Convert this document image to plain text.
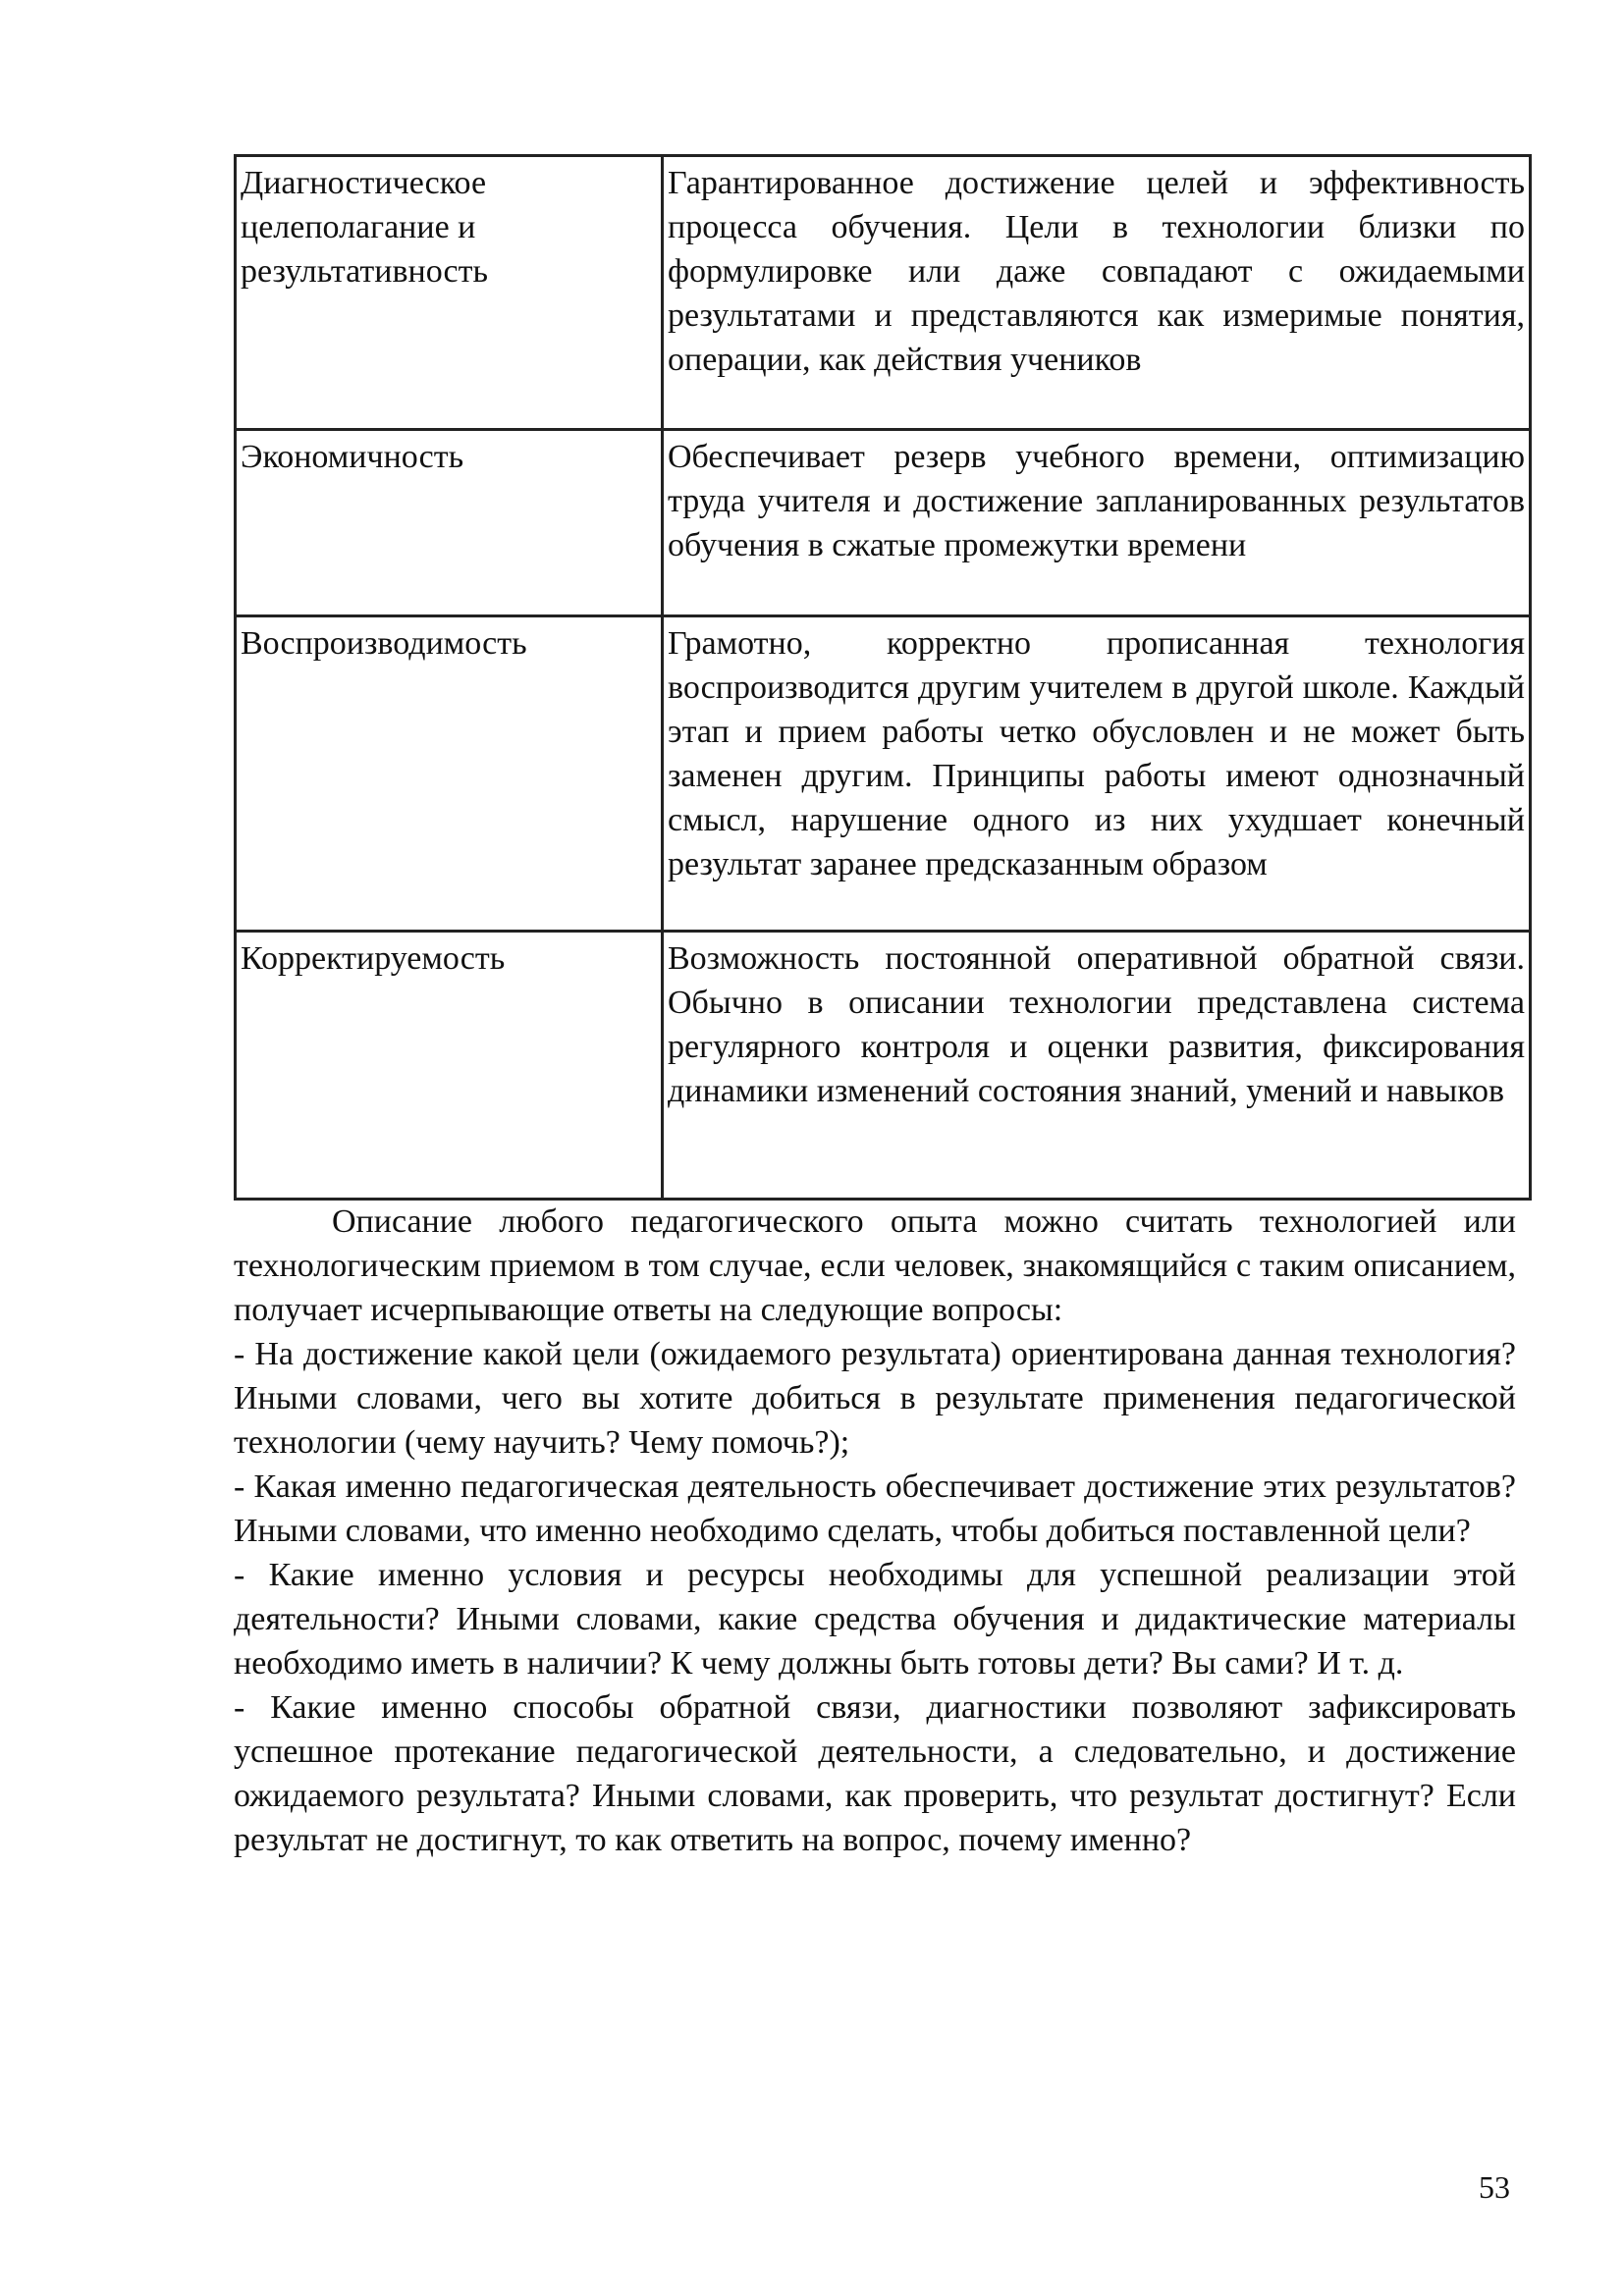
Диагностическое целеполагание и результативность	Гарантированное достижение целей и эффективность процесса обучения. Цели в технологии близки по формулировке или даже совпадают с ожидаемыми результатами и представляются как измеримые понятия, операции, как действия учеников
Экономичность	Обеспечивает резерв учебного времени, оптимизацию труда учителя и достижение запланированных результатов обучения в сжатые промежутки времени
Воспроизводимость	Грамотно, корректно прописанная технология воспроизводится другим учителем в другой школе. Каждый этап и прием работы четко обусловлен и не может быть заменен другим. Принципы работы имеют однозначный смысл, нарушение одного из них ухудшает конечный результат заранее предсказанным образом
Корректируемость	Возможность постоянной оперативной обратной связи. Обычно в описании технологии представлена система регулярного контроля и оценки развития, фиксирования динамики изменений состояния знаний, умений и навыков

Описание любого педагогического опыта можно считать технологией или технологическим приемом в том случае, если человек, знакомящийся с таким описанием, получает исчерпывающие ответы на следующие вопросы:

- На достижение какой цели (ожидаемого результата) ориентирована данная технология? Иными словами, чего вы хотите добиться в результате применения педагогической технологии (чему научить? Чему помочь?);

- Какая именно педагогическая деятельность обеспечивает достижение этих результатов? Иными словами, что именно необходимо сделать, чтобы добиться поставленной цели?

- Какие именно условия и ресурсы необходимы для успешной реализации этой деятельности? Иными словами, какие средства обучения и дидактические материалы необходимо иметь в наличии? К чему должны быть готовы дети? Вы сами? И т. д.

- Какие именно способы обратной связи, диагностики позволяют зафиксировать успешное протекание педагогической деятельности, а следовательно, и достижение ожидаемого результата? Иными словами, как проверить, что результат достигнут? Если результат не достигнут, то как ответить на вопрос, почему именно?

53
